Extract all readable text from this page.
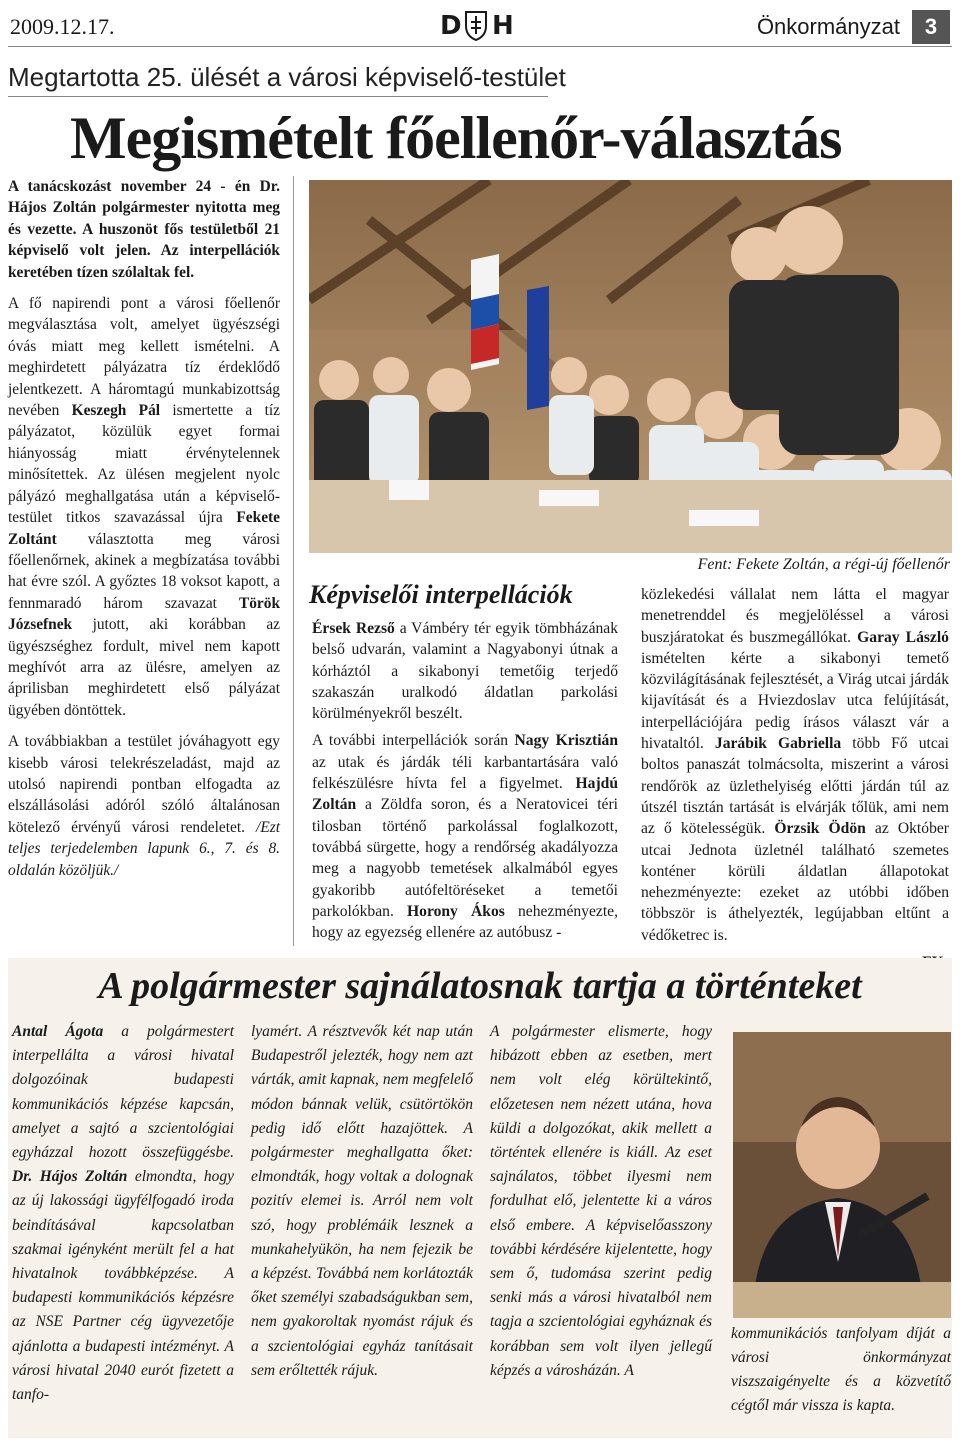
2009.12.17.	D H	Önkormányzat	3
Megtartotta 25. ülését a városi képviselő-testület
Megismételt főellenőr-választás

A tanácskozást november 24 - én Dr. Hájos Zoltán polgármester nyitotta meg és vezette. A huszonöt fős testületből 21 képviselő volt jelen. Az interpellációk keretében tízen szólaltak fel.

A fő napirendi pont a városi főellenőr megválasztása volt, amelyet ügyészségi óvás miatt meg kellett ismételni. A meghirdetett pályázatra tíz érdeklődő jelentkezett. A háromtagú munkabizottság nevében Keszegh Pál ismertette a tíz pályázatot, közülük egyet formai hiányosság miatt érvénytelennek minősítettek. Az ülésen megjelent nyolc pályázó meghallgatása után a képviselő-testület titkos szavazással újra Fekete Zoltánt választotta meg városi főellenőrnek, akinek a megbízatása további hat évre szól. A győztes 18 voksot kapott, a fennmaradó három szavazat Török Józsefnek jutott, aki korábban az ügyészséghez fordult, mivel nem kapott meghívót arra az ülésre, amelyen az áprilisban meghirdetett első pályázat ügyében döntöttek.

A továbbiakban a testület jóváhagyott egy kisebb városi telekrészeladást, majd az utolsó napirendi pontban elfogadta az elszállásolási adóról szóló általánosan kötelező érvényű városi rendeletet. /Ezt teljes terjedelemben lapunk 6., 7. és 8. oldalán közöljük./

Fent: Fekete Zoltán, a régi-új főellenőr
Képviselői interpellációk

Érsek Rezső a Vámbéry tér egyik tömbházának belső udvarán, valamint a Nagyabonyi útnak a kórháztól a sikabonyi temetőig terjedő szakaszán uralkodó áldatlan parkolási körülményekről beszélt.

A további interpellációk során Nagy Krisztián az utak és járdák téli karbantartására való felkészülésre hívta fel a figyelmet. Hajdú Zoltán a Zöldfa soron, és a Neratovicei téri tilosban történő parkolással foglalkozott, továbbá sürgette, hogy a rendőrség akadályozza meg a nagyobb temetések alkalmából egyes gyakoribb autófeltöréseket a temetői parkolókban. Horony Ákos nehezményezte, hogy az egyezség ellenére az autóbusz -

közlekedési vállalat nem látta el magyar menetrenddel és megjelöléssel a városi buszjáratokat és buszmegállókat. Garay László ismételten kérte a sikabonyi temető közvilágításának fejlesztését, a Virág utcai járdák kijavítását és a Hviezdoslav utca felújítását, interpellációjára pedig írásos választ vár a hivataltól. Jarábik Gabriella több Fő utcai boltos panaszát tolmácsolta, miszerint a városi rendőrök az üzlethelyiség előtti járdán túl az útszél tisztán tartását is elvárják tőlük, ami nem az ő kötelességük. Örzsik Ödön az Október utcai Jednota üzletnél található szemetes konténer körüli áldatlan állapotokat nehezményezte: ezeket az utóbbi időben többször is áthelyezték, legújabban eltűnt a védőketrec is.

A polgármester sajnálatosnak tartja a történteket

Antal Ágota a polgármestert interpellálta a városi hivatal dolgozóinak budapesti kommunikációs képzése kapcsán, amelyet a sajtó a szcientológiai egyházzal hozott összefüggésbe. Dr. Hájos Zoltán elmondta, hogy az új lakossági ügyfélfogadó iroda beindításával kapcsolatban szakmai igényként merült fel a hat hivatalnok továbbképzése. A budapesti kommunikációs képzésre az NSE Partner cég ügyvezetője ajánlotta a budapesti intézményt. A városi hivatal 2040 eurót fizetett a tanfo-

lyamért. A résztvevők két nap után Budapestről jelezték, hogy nem azt várták, amit kapnak, nem megfelelő módon bánnak velük, csütörtökön pedig idő előtt hazajöttek. A polgármester meghallgatta őket: elmondták, hogy voltak a dolognak pozitív elemei is. Arról nem volt szó, hogy problémáik lesznek a munkahelyükön, ha nem fejezik be a képzést. Továbbá nem korlátozták őket személyi szabadságukban sem, nem gyakoroltak nyomást rájuk és a szcientológiai egyház tanításait sem erőltették rájuk.

A polgármester elismerte, hogy hibázott ebben az esetben, mert nem volt elég körültekintő, előzetesen nem nézett utána, hova küldi a dolgozókat, akik mellett a történtek ellenére is kiáll. Az eset sajnálatos, többet ilyesmi nem fordulhat elő, jelentette ki a város első embere. A képviselőasszony további kérdésére kijelentette, hogy sem ő, tudomása szerint pedig senki más a városi hivatalból nem tagja a szcientológiai egyháznak és korábban sem volt ilyen jellegű képzés a városházán. A

kommunikációs tanfolyam díját a városi önkormányzat viszszaigényelte és a közvetítő cégtől már vissza is kapta.
